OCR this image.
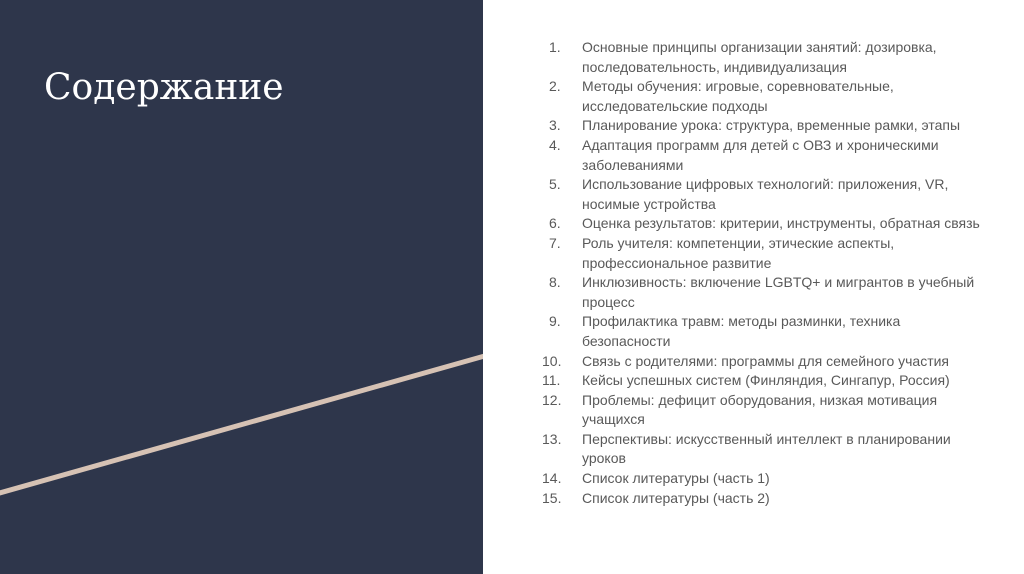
Содержание
1.	Основные принципы организации занятий: дозировка, последовательность, индивидуализация
2.	Методы обучения: игровые, соревновательные, исследовательские подходы
3.	Планирование урока: структура, временные рамки, этапы
4.	Адаптация программ для детей с ОВЗ и хроническими заболеваниями
5.	Использование цифровых технологий: приложения, VR, носимые устройства
6.	Оценка результатов: критерии, инструменты, обратная связь
7.	Роль учителя: компетенции, этические аспекты, профессиональное развитие
8.	Инклюзивность: включение LGBTQ+ и мигрантов в учебный процесс
9.	Профилактика травм: методы разминки, техника безопасности
10.	Связь с родителями: программы для семейного участия
11.	Кейсы успешных систем (Финляндия, Сингапур, Россия)
12.	Проблемы: дефицит оборудования, низкая мотивация учащихся
13.	Перспективы: искусственный интеллект в планировании уроков
14.	Список литературы (часть 1)
15.	Список литературы (часть 2)
